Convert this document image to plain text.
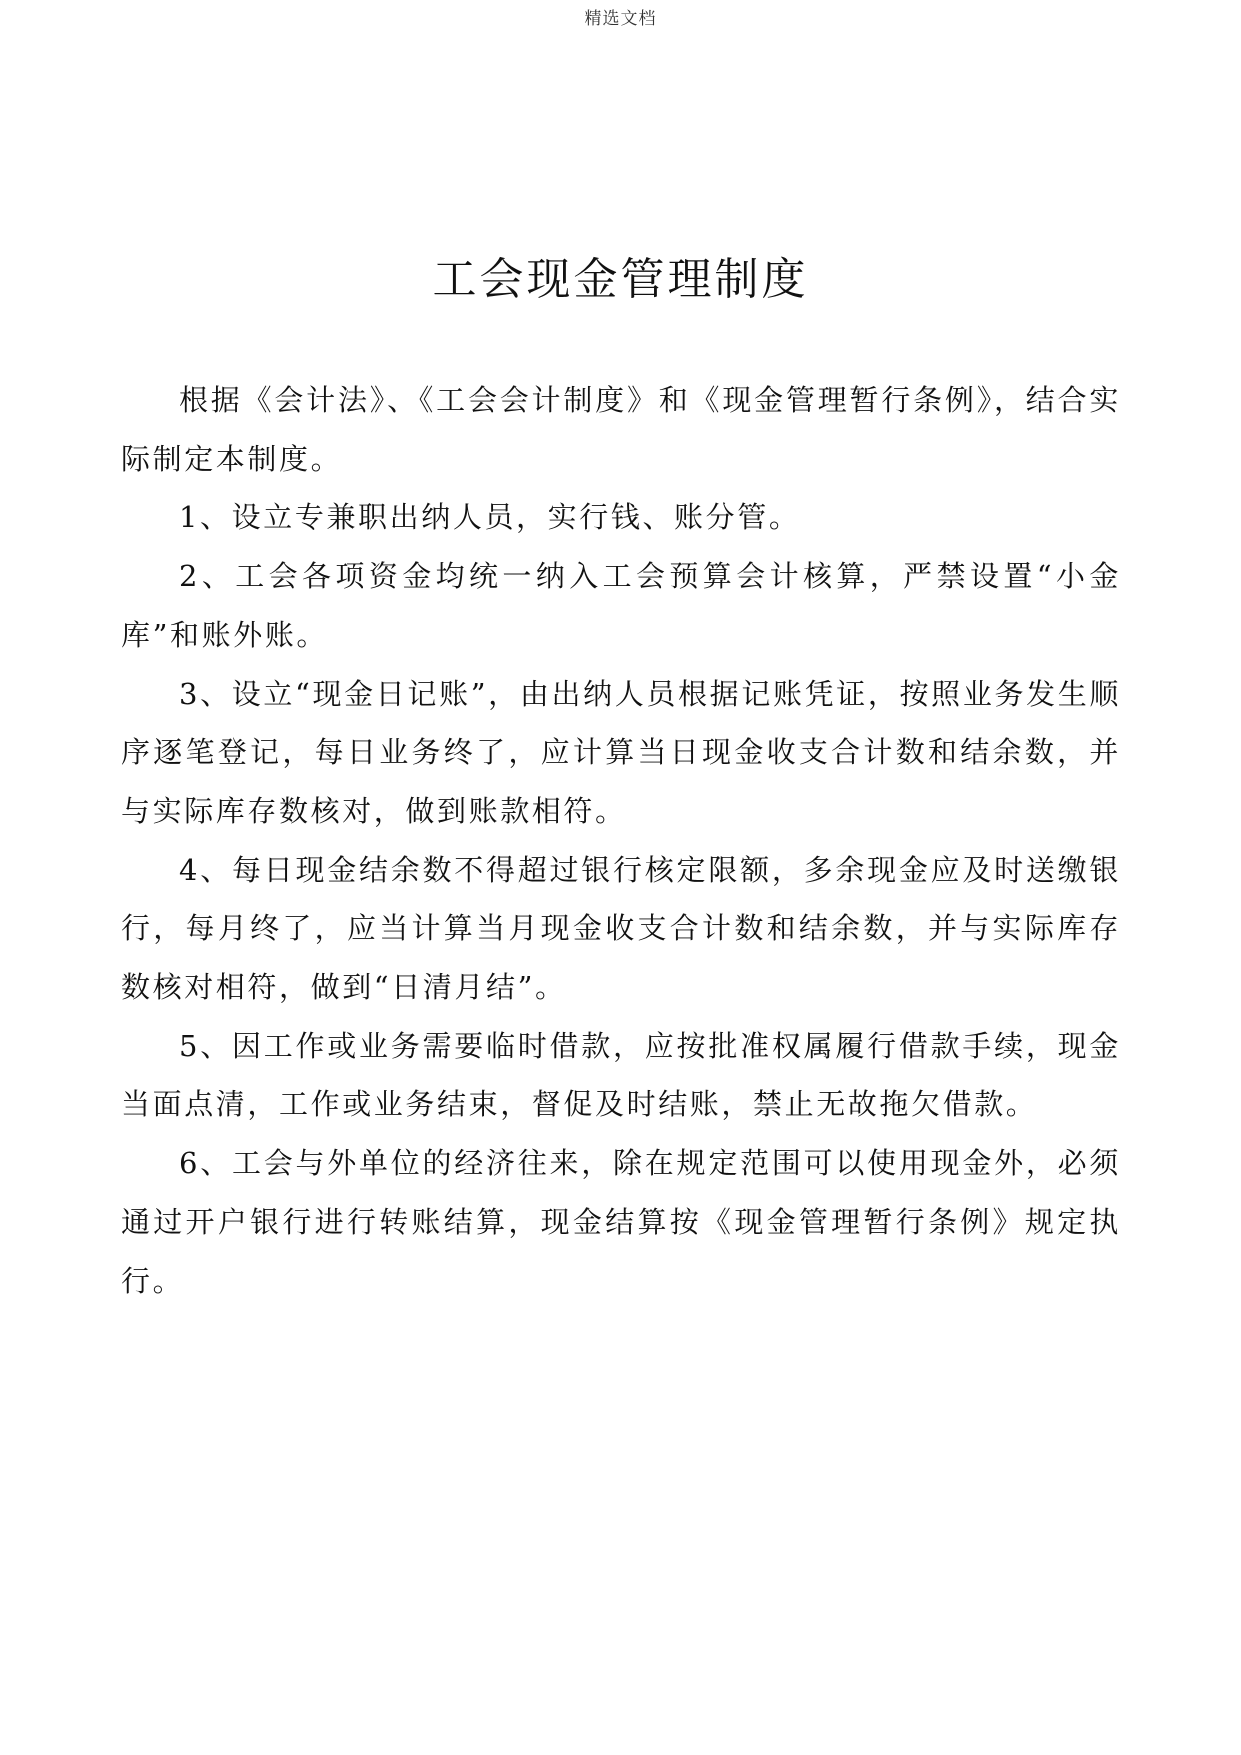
精选文档
工会现金管理制度

根据《会计法》、《工会会计制度》和《现金管理暂行条例》，结合实际制定本制度。

1、设立专兼职出纳人员，实行钱、账分管。

2、工会各项资金均统一纳入工会预算会计核算，严禁设置“小金库”和账外账。

3、设立“现金日记账”，由出纳人员根据记账凭证，按照业务发生顺序逐笔登记，每日业务终了，应计算当日现金收支合计数和结余数，并与实际库存数核对，做到账款相符。

4、每日现金结余数不得超过银行核定限额，多余现金应及时送缴银行，每月终了，应当计算当月现金收支合计数和结余数，并与实际库存数核对相符，做到“日清月结”。

5、因工作或业务需要临时借款，应按批准权属履行借款手续，现金当面点清，工作或业务结束，督促及时结账，禁止无故拖欠借款。

6、工会与外单位的经济往来，除在规定范围可以使用现金外，必须通过开户银行进行转账结算，现金结算按《现金管理暂行条例》规定执行。
